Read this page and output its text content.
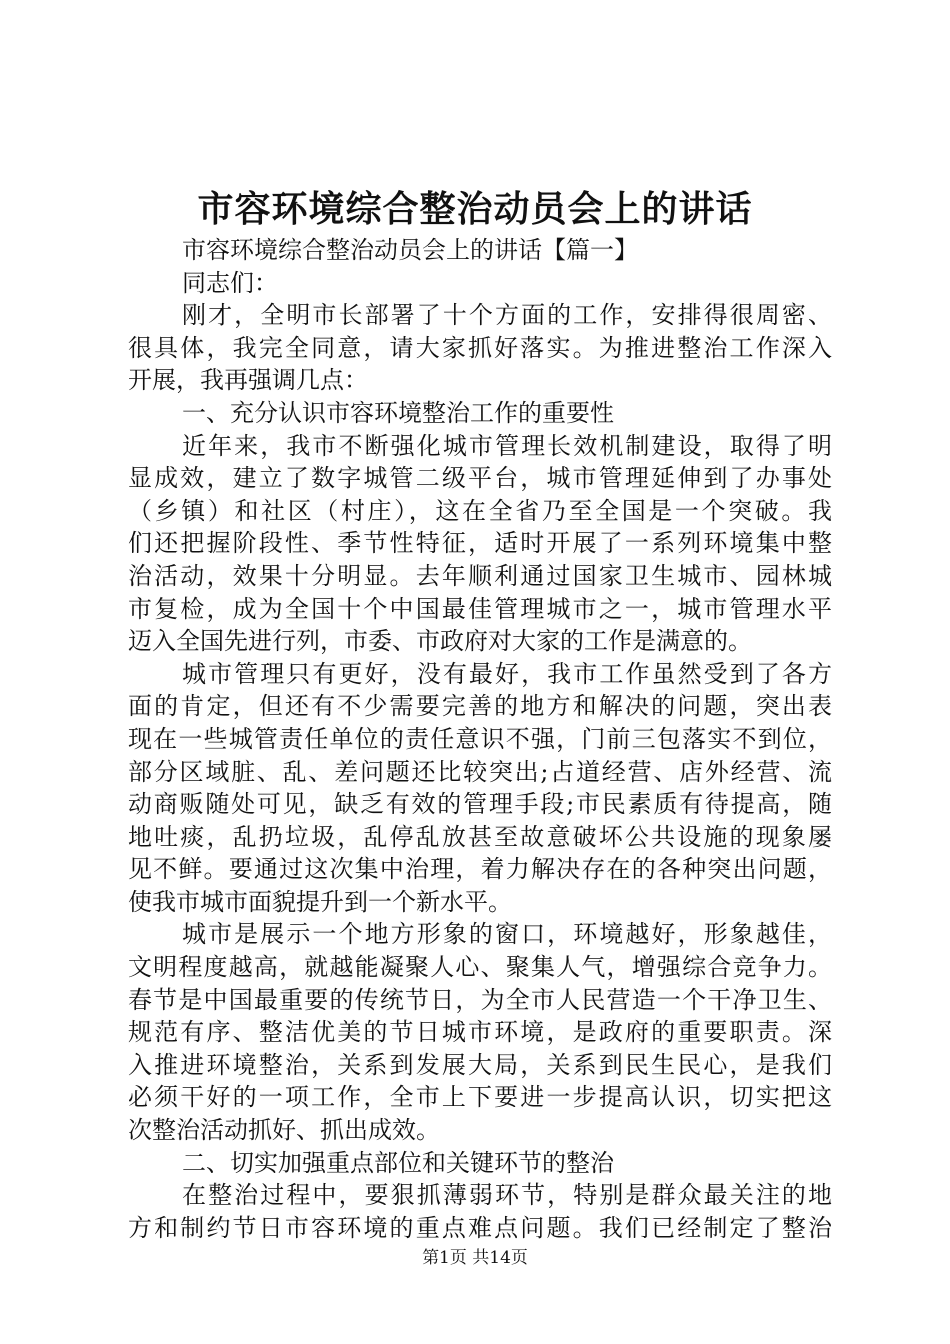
市容环境综合整治动员会上的讲话
市容环境综合整治动员会上的讲话【篇一】
同志们：
刚才，全明市长部署了十个方面的工作，安排得很周密、
很具体，我完全同意，请大家抓好落实。为推进整治工作深入
开展，我再强调几点：
一、充分认识市容环境整治工作的重要性
近年来，我市不断强化城市管理长效机制建设，取得了明
显成效，建立了数字城管二级平台，城市管理延伸到了办事处
（乡镇）和社区（村庄），这在全省乃至全国是一个突破。我
们还把握阶段性、季节性特征，适时开展了一系列环境集中整
治活动，效果十分明显。去年顺利通过国家卫生城市、园林城
市复检，成为全国十个中国最佳管理城市之一，城市管理水平
迈入全国先进行列，市委、市政府对大家的工作是满意的。
城市管理只有更好，没有最好，我市工作虽然受到了各方
面的肯定，但还有不少需要完善的地方和解决的问题，突出表
现在一些城管责任单位的责任意识不强，门前三包落实不到位，
部分区域脏、乱、差问题还比较突出;占道经营、店外经营、流
动商贩随处可见，缺乏有效的管理手段;市民素质有待提高，随
地吐痰，乱扔垃圾，乱停乱放甚至故意破坏公共设施的现象屡
见不鲜。要通过这次集中治理，着力解决存在的各种突出问题，
使我市城市面貌提升到一个新水平。
城市是展示一个地方形象的窗口，环境越好，形象越佳，
文明程度越高，就越能凝聚人心、聚集人气，增强综合竞争力。
春节是中国最重要的传统节日，为全市人民营造一个干净卫生、
规范有序、整洁优美的节日城市环境，是政府的重要职责。深
入推进环境整治，关系到发展大局，关系到民生民心，是我们
必须干好的一项工作，全市上下要进一步提高认识，切实把这
次整治活动抓好、抓出成效。
二、切实加强重点部位和关键环节的整治
在整治过程中，要狠抓薄弱环节，特别是群众最关注的地
方和制约节日市容环境的重点难点问题。我们已经制定了整治
第1页 共14页
